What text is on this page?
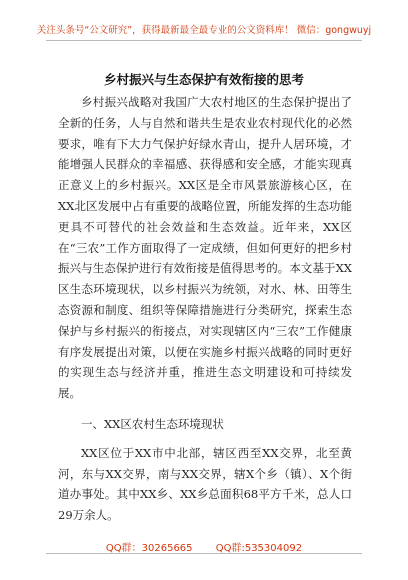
关注头条号“公文研究”，获得最新最全最专业的公文资料库！ 微信：gongwuyj
乡村振兴与生态保护有效衔接的思考

乡村振兴战略对我国广大农村地区的生态保护提出了全新的任务，人与自然和谐共生是农业农村现代化的必然要求，唯有下大力气保护好绿水青山，提升人居环境，才能增强人民群众的幸福感、获得感和安全感，才能实现真正意义上的乡村振兴。XX区是全市风景旅游核心区，在XX北区发展中占有重要的战略位置，所能发挥的生态功能更具不可替代的社会效益和生态效益。近年来，XX区在“三农”工作方面取得了一定成绩，但如何更好的把乡村振兴与生态保护进行有效衔接是值得思考的。本文基于XX区生态环境现状，以乡村振兴为统领，对水、林、田等生态资源和制度、组织等保障措施进行分类研究，探索生态保护与乡村振兴的衔接点，对实现辖区内“三农”工作健康有序发展提出对策，以便在实施乡村振兴战略的同时更好的实现生态与经济并重，推进生态文明建设和可持续发展。

一、XX区农村生态环境现状

XX区位于XX市中北部，辖区西至XX交界，北至黄河，东与XX交界，南与XX交界，辖X个乡（镇）、X个街道办事处。其中XX乡、XX乡总面积68平方千米，总人口29万余人。

QQ群：30265665 QQ群:535304092
